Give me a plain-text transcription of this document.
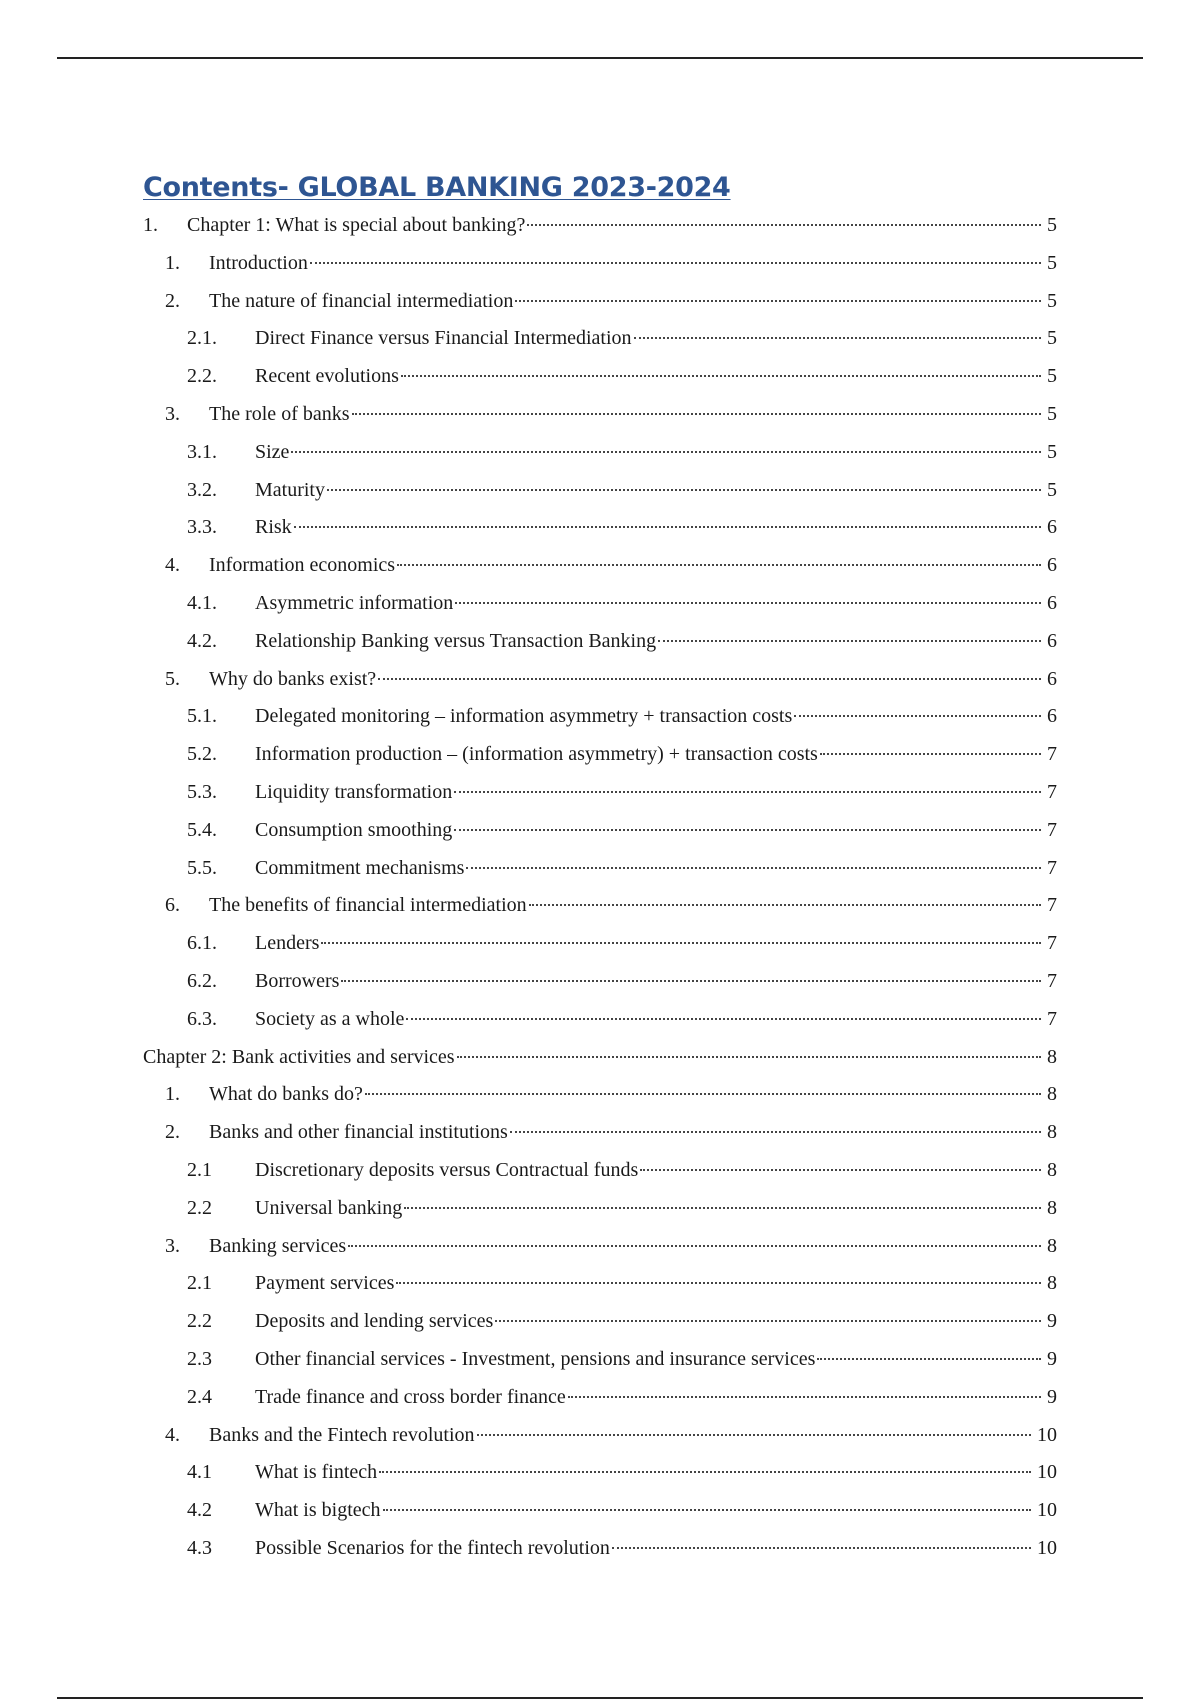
Contents- GLOBAL BANKING 2023-2024
1.	Chapter 1: What is special about banking?	5
1.	Introduction	5
2.	The nature of financial intermediation	5
2.1.	Direct Finance versus Financial Intermediation	5
2.2.	Recent evolutions	5
3.	The role of banks	5
3.1.	Size	5
3.2.	Maturity	5
3.3.	Risk	6
4.	Information economics	6
4.1.	Asymmetric information	6
4.2.	Relationship Banking versus Transaction Banking	6
5.	Why do banks exist?	6
5.1.	Delegated monitoring – information asymmetry + transaction costs	6
5.2.	Information production – (information asymmetry) + transaction costs	7
5.3.	Liquidity transformation	7
5.4.	Consumption smoothing	7
5.5.	Commitment mechanisms	7
6.	The benefits of financial intermediation	7
6.1.	Lenders	7
6.2.	Borrowers	7
6.3.	Society as a whole	7
Chapter 2: Bank activities and services	8
1.	What do banks do?	8
2.	Banks and other financial institutions	8
2.1	Discretionary deposits versus Contractual funds	8
2.2	Universal banking	8
3.	Banking services	8
2.1	Payment services	8
2.2	Deposits and lending services	9
2.3	Other financial services - Investment, pensions and insurance services	9
2.4	Trade finance and cross border finance	9
4.	Banks and the Fintech revolution	10
4.1	What is fintech	10
4.2	What is bigtech	10
4.3	Possible Scenarios for the fintech revolution	10
